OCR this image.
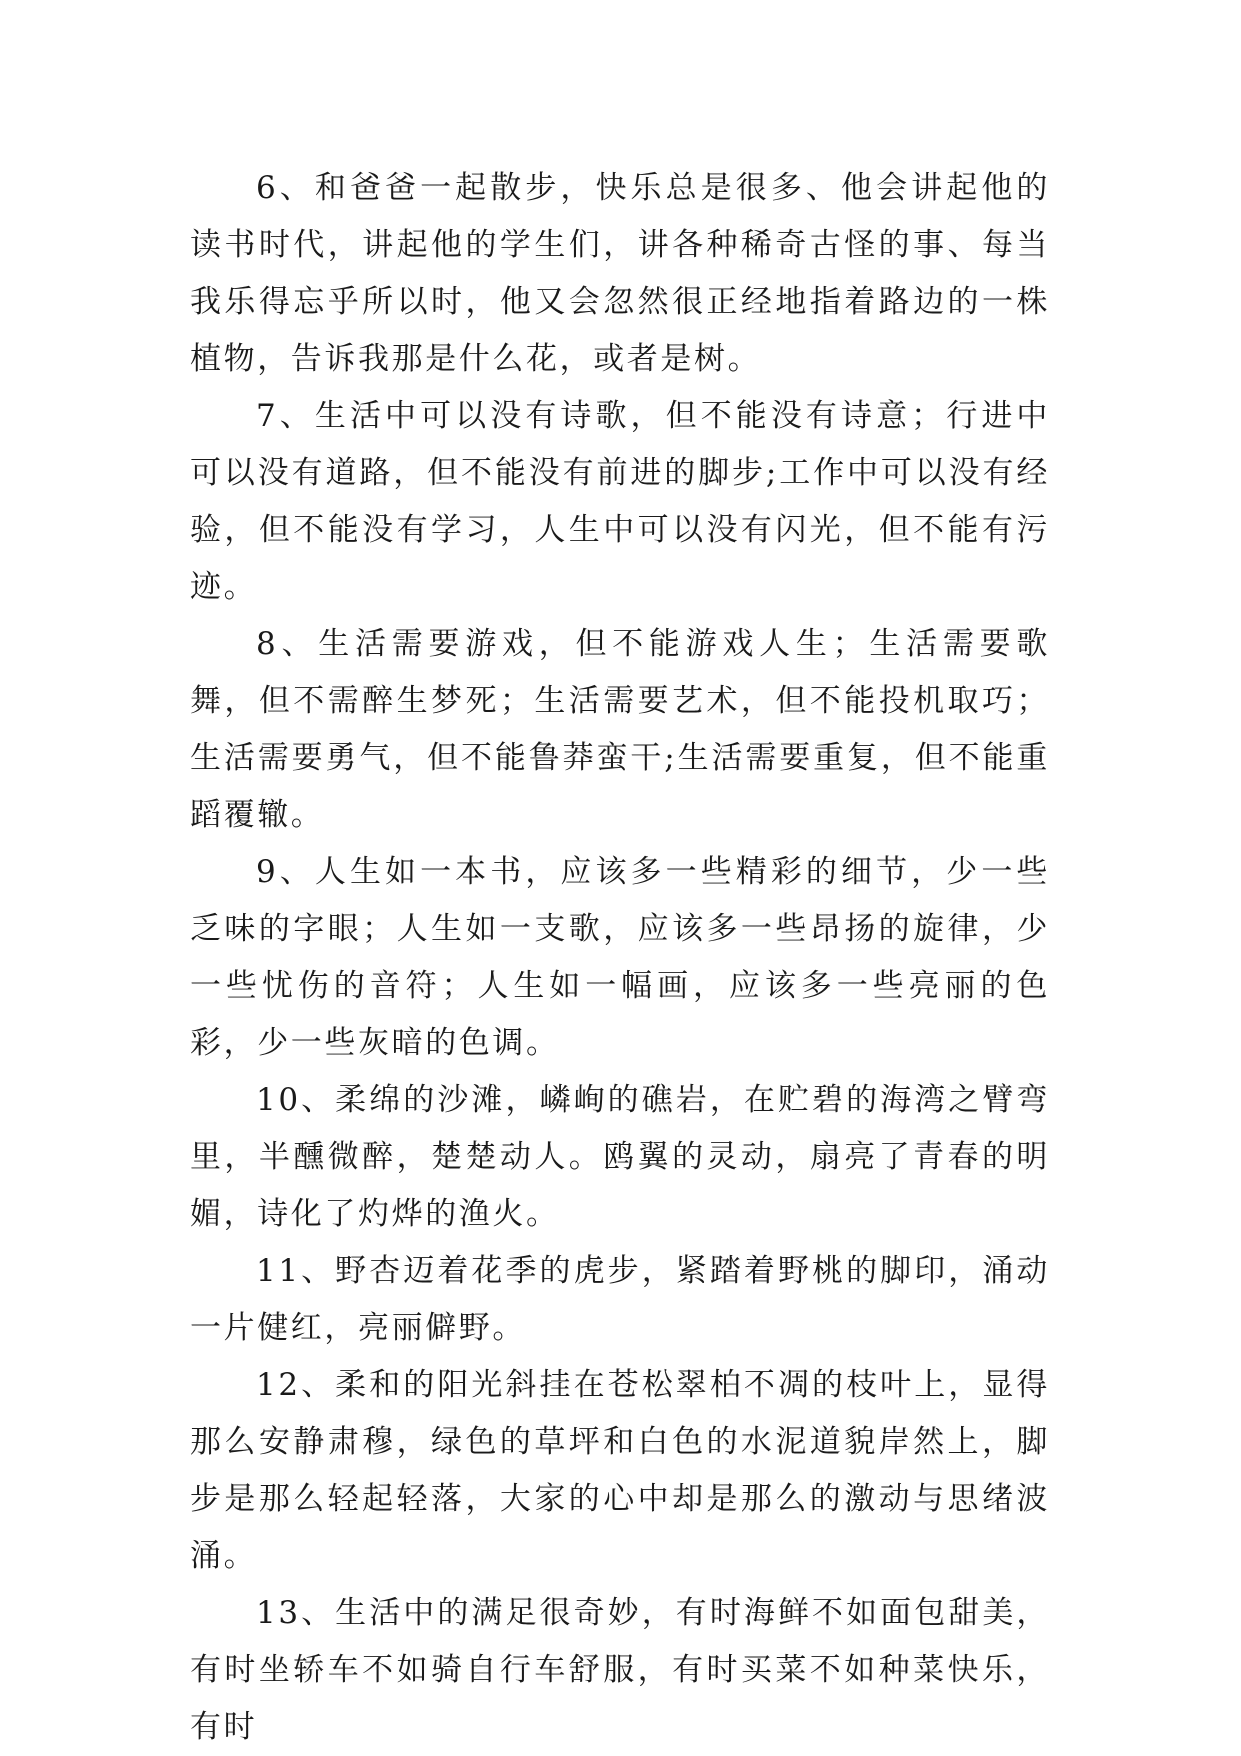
6、和爸爸一起散步，快乐总是很多、他会讲起他的读书时代，讲起他的学生们，讲各种稀奇古怪的事、每当我乐得忘乎所以时，他又会忽然很正经地指着路边的一株植物，告诉我那是什么花，或者是树。

7、生活中可以没有诗歌，但不能没有诗意；行进中可以没有道路，但不能没有前进的脚步;工作中可以没有经验，但不能没有学习，人生中可以没有闪光，但不能有污迹。

8、生活需要游戏，但不能游戏人生；生活需要歌舞，但不需醉生梦死；生活需要艺术，但不能投机取巧；生活需要勇气，但不能鲁莽蛮干;生活需要重复，但不能重蹈覆辙。

9、人生如一本书，应该多一些精彩的细节，少一些乏味的字眼；人生如一支歌，应该多一些昂扬的旋律，少一些忧伤的音符；人生如一幅画，应该多一些亮丽的色彩，少一些灰暗的色调。

10、柔绵的沙滩，嶙峋的礁岩，在贮碧的海湾之臂弯里，半醺微醉，楚楚动人。鸥翼的灵动，扇亮了青春的明媚，诗化了灼烨的渔火。

11、野杏迈着花季的虎步，紧踏着野桃的脚印，涌动一片健红，亮丽僻野。

12、柔和的阳光斜挂在苍松翠柏不凋的枝叶上，显得那么安静肃穆，绿色的草坪和白色的水泥道貌岸然上，脚步是那么轻起轻落，大家的心中却是那么的激动与思绪波涌。

13、生活中的满足很奇妙，有时海鲜不如面包甜美，有时坐轿车不如骑自行车舒服，有时买菜不如种菜快乐，有时
